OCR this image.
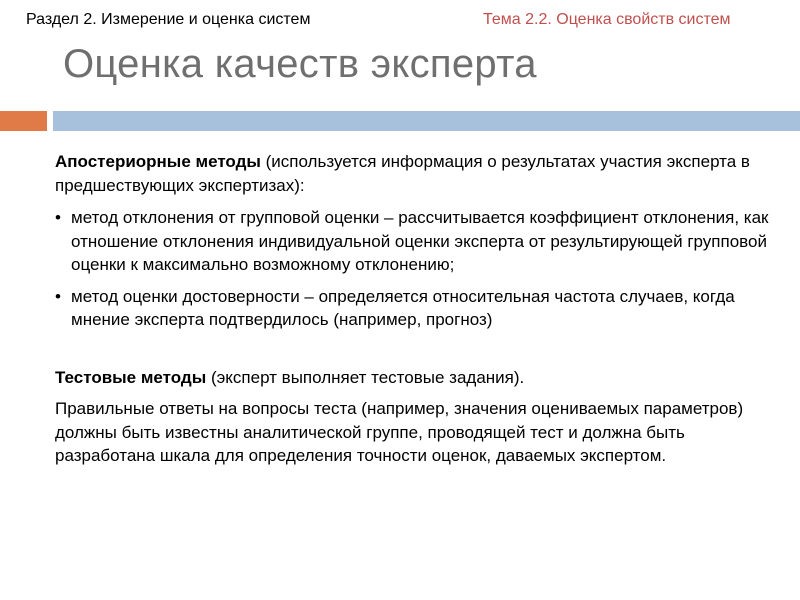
Раздел 2. Измерение и оценка систем	Тема 2.2. Оценка свойств систем
Оценка качеств эксперта

Апостериорные методы (используется информация о результатах участия эксперта в предшествующих экспертизах):

• метод отклонения от групповой оценки – рассчитывается коэффициент отклонения, как отношение отклонения индивидуальной оценки эксперта от результирующей групповой оценки к максимально возможному отклонению;
• метод оценки достоверности – определяется относительная частота случаев, когда мнение эксперта подтвердилось (например, прогноз)

Тестовые методы (эксперт выполняет тестовые задания).

Правильные ответы на вопросы теста (например, значения оцениваемых параметров) должны быть известны аналитической группе, проводящей тест и должна быть разработана шкала для определения точности оценок, даваемых экспертом.
